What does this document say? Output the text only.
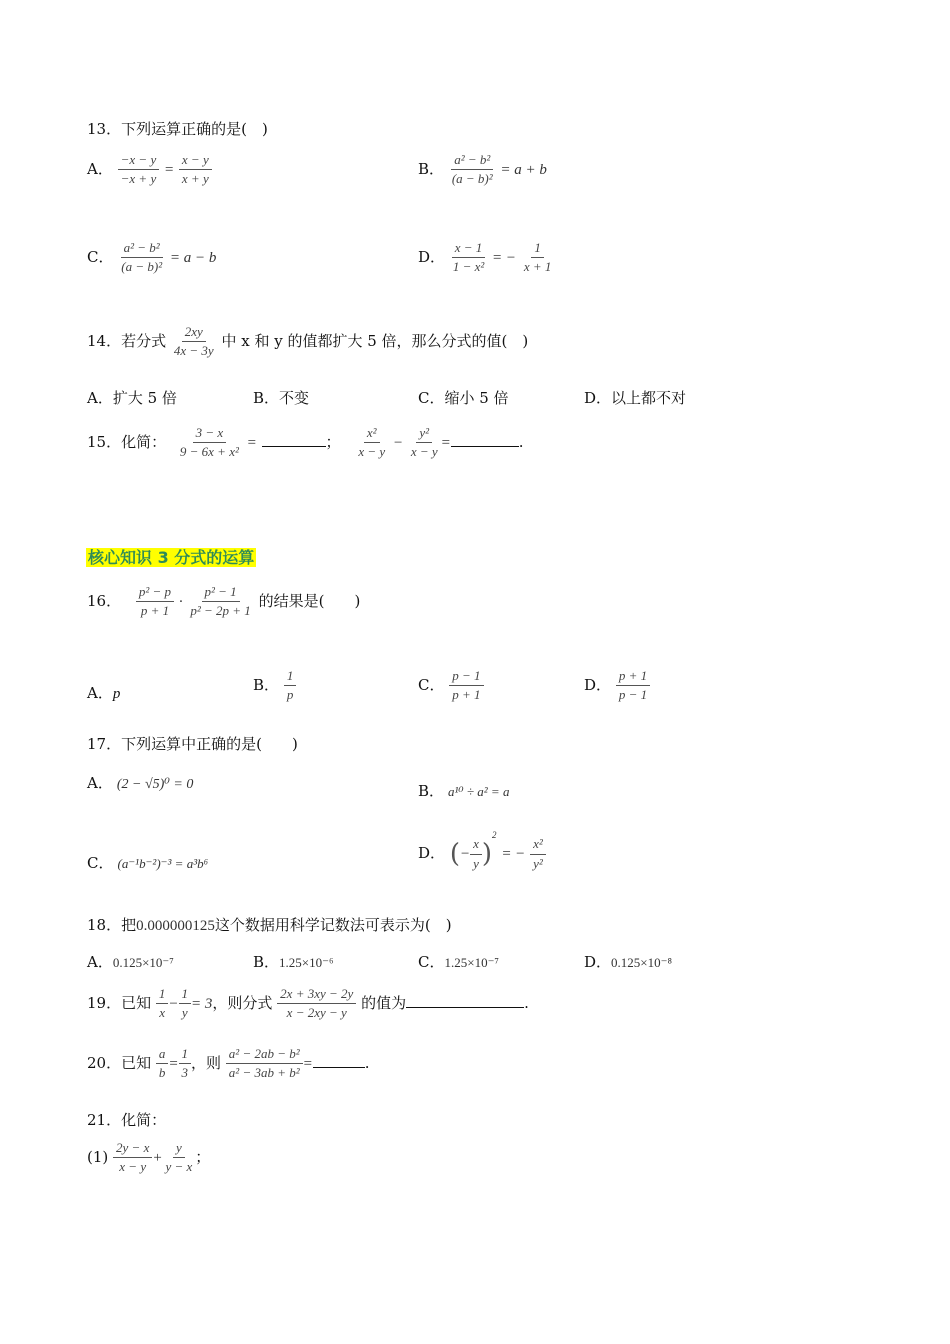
13．下列运算正确的是(　)
A． $\frac{-x - y}{-x + y} = \frac{x - y}{x + y}$	B． $\frac{\text{a² − b²}}{\text{(a − b)²}} = a + b$
C． $\frac{\text{a² − b²}}{\text{(a − b)²}} = a - b$	D． $\frac{x - 1}{\text{1 − x²}}$ = − $\frac{1}{x + 1}$
14．若分式 $\frac{2xy}{4x - 3y}$ 中 x 和 y 的值都扩大 5 倍，那么分式的值(　)
A．扩大 5 倍	B．不变	C．缩小 5 倍	D．以上都不对
15．化简： $\frac{3 - x}{\text{9 − 6x + x²}}$ =	； $\frac{\text{x²}}{x - y} - \frac{\text{y²}}{x - y}$ =	.
核心知识 3 分式的运算
16． $\frac{\text{p² − p}}{p + 1} \cdot \frac{\text{p² − 1}}{\text{p² − 2p + 1}}$ 的结果是(　　)
A．p
B． $\frac{1}{p}$	C． $\frac{p - 1}{p + 1}$	D． $\frac{p + 1}{p - 1}$
17．下列运算中正确的是(　　)
A． (2 − √5)⁰ = 0	B． a¹⁰ ÷ a² = a
C． (a⁻¹b⁻²)⁻³ = a³b⁶
D． (− $\frac{x}{y} )^2$ = − $\frac{\text{x²}}{\text{y²}}$
18．把0.000000125这个数据用科学记数法可表示为(　)
A．0.125×10⁻⁷	B．1.25×10⁻⁶	C．1.25×10⁻⁷	D．0.125×10⁻⁸
19．已知 $\frac{1}{x} - \frac{1}{y} = 3$，则分式 $\frac{2x + 3xy - 2y}{x - 2xy - y}$ 的值为	.
20．已知 $\frac{a}{b} = \frac{1}{3}$ ，则 $\frac{\text{a² − 2ab − b²}}{\text{a² − 3ab + b²}}$ =	.
21．化简：
$(1) \frac{2y - x}{x - y} + \frac{y}{y - x}$ ；
